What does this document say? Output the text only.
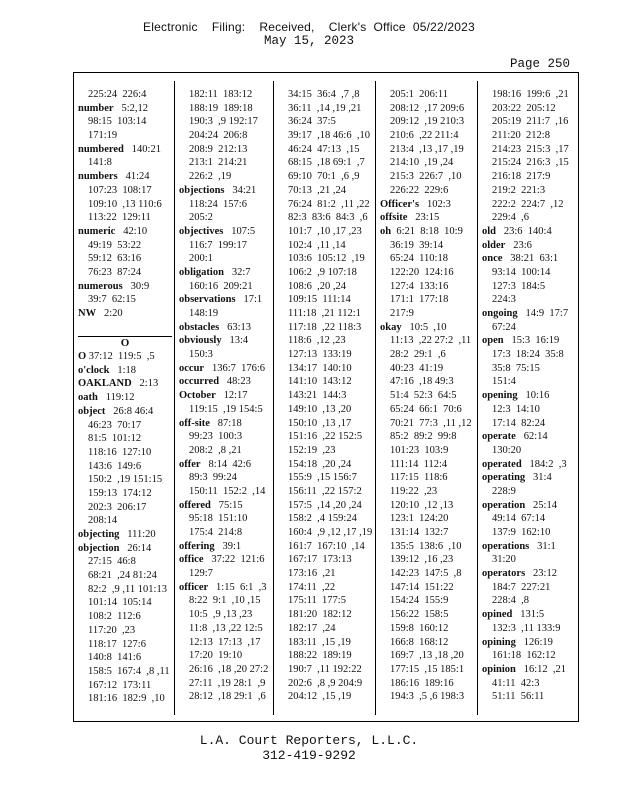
Electronic    Filing:    Received,    Clerk's  Office  05/22/2023
May 15, 2023
Page 250
225:24  226:4
number   5:2,12
98:15  103:14
171:19
numbered   140:21
141:8
numbers   41:24
107:23  108:17
109:10  ,13 110:6
113:22  129:11
numeric   42:10
49:19  53:22
59:12  63:16
76:23  87:24
numerous   30:9
39:7  62:15
NW   2:20
O
O 37:12  119:5  ,5
o'clock   1:18
OAKLAND   2:13
oath   119:12
object   26:8 46:4
46:23  70:17
81:5  101:12
118:16  127:10
143:6  149:6
150:2  ,19 151:15
159:13  174:12
202:3  206:17
208:14
objecting   111:20
objection   26:14
27:15  46:8
68:21  ,24 81:24
82:2  ,9 ,11 101:13
101:14  105:14
108:2  112:6
117:20  ,23
118:17  127:6
140:8  141:6
158:5  167:4  ,8 ,11
167:12  173:11
181:16  182:9  ,10
182:11  183:12
188:19  189:18
190:3  ,9 192:17
204:24  206:8
208:9  212:13
213:1  214:21
226:2  ,19
objections   34:21
118:24  157:6
205:2
objectives   107:5
116:7  199:17
200:1
obligation   32:7
160:16  209:21
observations   17:1
148:19
obstacles   63:13
obviously   13:4
150:3
occur   136:7  176:6
occurred   48:23
October   12:17
119:15  ,19 154:5
off-site   87:18
99:23  100:3
208:2  ,8 ,21
offer   8:14  42:6
89:3  99:24
150:11  152:2  ,14
offered   75:15
95:18  151:10
175:4  214:8
offering   39:1
office   37:22  121:6
129:7
officer   1:15  6:1  ,3
8:22  9:1  ,10 ,15
10:5  ,9 ,13 ,23
11:8  ,13 ,22 12:5
12:13  17:13  ,17
17:20  19:10
26:16  ,18 ,20 27:2
27:11  ,19 28:1  ,9
28:12  ,18 29:1  ,6
34:15  36:4  ,7 ,8
36:11  ,14 ,19 ,21
36:24  37:5
39:17  ,18 46:6  ,10
46:24  47:13  ,15
68:15  ,18 69:1  ,7
69:10  70:1  ,6 ,9
70:13  ,21 ,24
76:24  81:2  ,11 ,22
82:3  83:6  84:3  ,6
101:7  ,10 ,17 ,23
102:4  ,11 ,14
103:6  105:12  ,19
106:2  ,9 107:18
108:6  ,20 ,24
109:15  111:14
111:18  ,21 112:1
117:18  ,22 118:3
118:6  ,12 ,23
127:13  133:19
134:17  140:10
141:10  143:12
143:21  144:3
149:10  ,13 ,20
150:10  ,13 ,17
151:16  ,22 152:5
152:19  ,23
154:18  ,20 ,24
155:9  ,15 156:7
156:11  ,22 157:2
157:5  ,14 ,20 ,24
158:2  ,4 159:24
160:4  ,9 ,12 ,17 ,19
161:7  167:10  ,14
167:17  173:13
173:16  ,21
174:11  ,22
175:11  177:5
181:20  182:12
182:17  ,24
183:11  ,15 ,19
188:22  189:19
190:7  ,11 192:22
202:6  ,8 ,9 204:9
204:12  ,15 ,19
205:1  206:11
208:12  ,17 209:6
209:12  ,19 210:3
210:6  ,22 211:4
213:4  ,13 ,17 ,19
214:10  ,19 ,24
215:3  226:7  ,10
226:22  229:6
Officer's   102:3
offsite   23:15
oh  6:21  8:18  10:9
36:19  39:14
65:24  110:18
122:20  124:16
127:4  133:16
171:1  177:18
217:9
okay   10:5  ,10
11:13  ,22 27:2  ,11
28:2  29:1  ,6
40:23  41:19
47:16  ,18 49:3
51:4  52:3  64:5
65:24  66:1  70:6
70:21  77:3  ,11 ,12
85:2  89:2  99:8
101:23  103:9
111:14  112:4
117:15  118:6
119:22  ,23
120:10  ,12 ,13
123:1  124:20
131:14  132:7
135:5  138:6  ,10
139:12  ,16 ,23
142:23  147:5  ,8
147:14  151:22
154:24  155:9
156:22  158:5
159:8  160:12
166:8  168:12
169:7  ,13 ,18 ,20
177:15  ,15 185:1
186:16  189:16
194:3  ,5 ,6 198:3
198:16  199:6  ,21
203:22  205:12
205:19  211:7  ,16
211:20  212:8
214:23  215:3  ,17
215:24  216:3  ,15
216:18  217:9
219:2  221:3
222:2  224:7  ,12
229:4  ,6
old   23:6  140:4
older   23:6
once   38:21  63:1
93:14  100:14
127:3  184:5
224:3
ongoing   14:9  17:7
67:24
open   15:3  16:19
17:3  18:24  35:8
35:8  75:15
151:4
opening   10:16
12:3  14:10
17:14  82:24
operate   62:14
130:20
operated   184:2  ,3
operating   31:4
228:9
operation   25:14
49:14  67:14
137:9  162:10
operations   31:1
31:20
operators   23:12
184:7  227:21
228:4  ,8
opined   131:5
132:3  ,11 133:9
opining   126:19
161:18  162:12
opinion   16:12  ,21
41:11  42:3
51:11  56:11
L.A. Court Reporters, L.L.C.
312-419-9292
